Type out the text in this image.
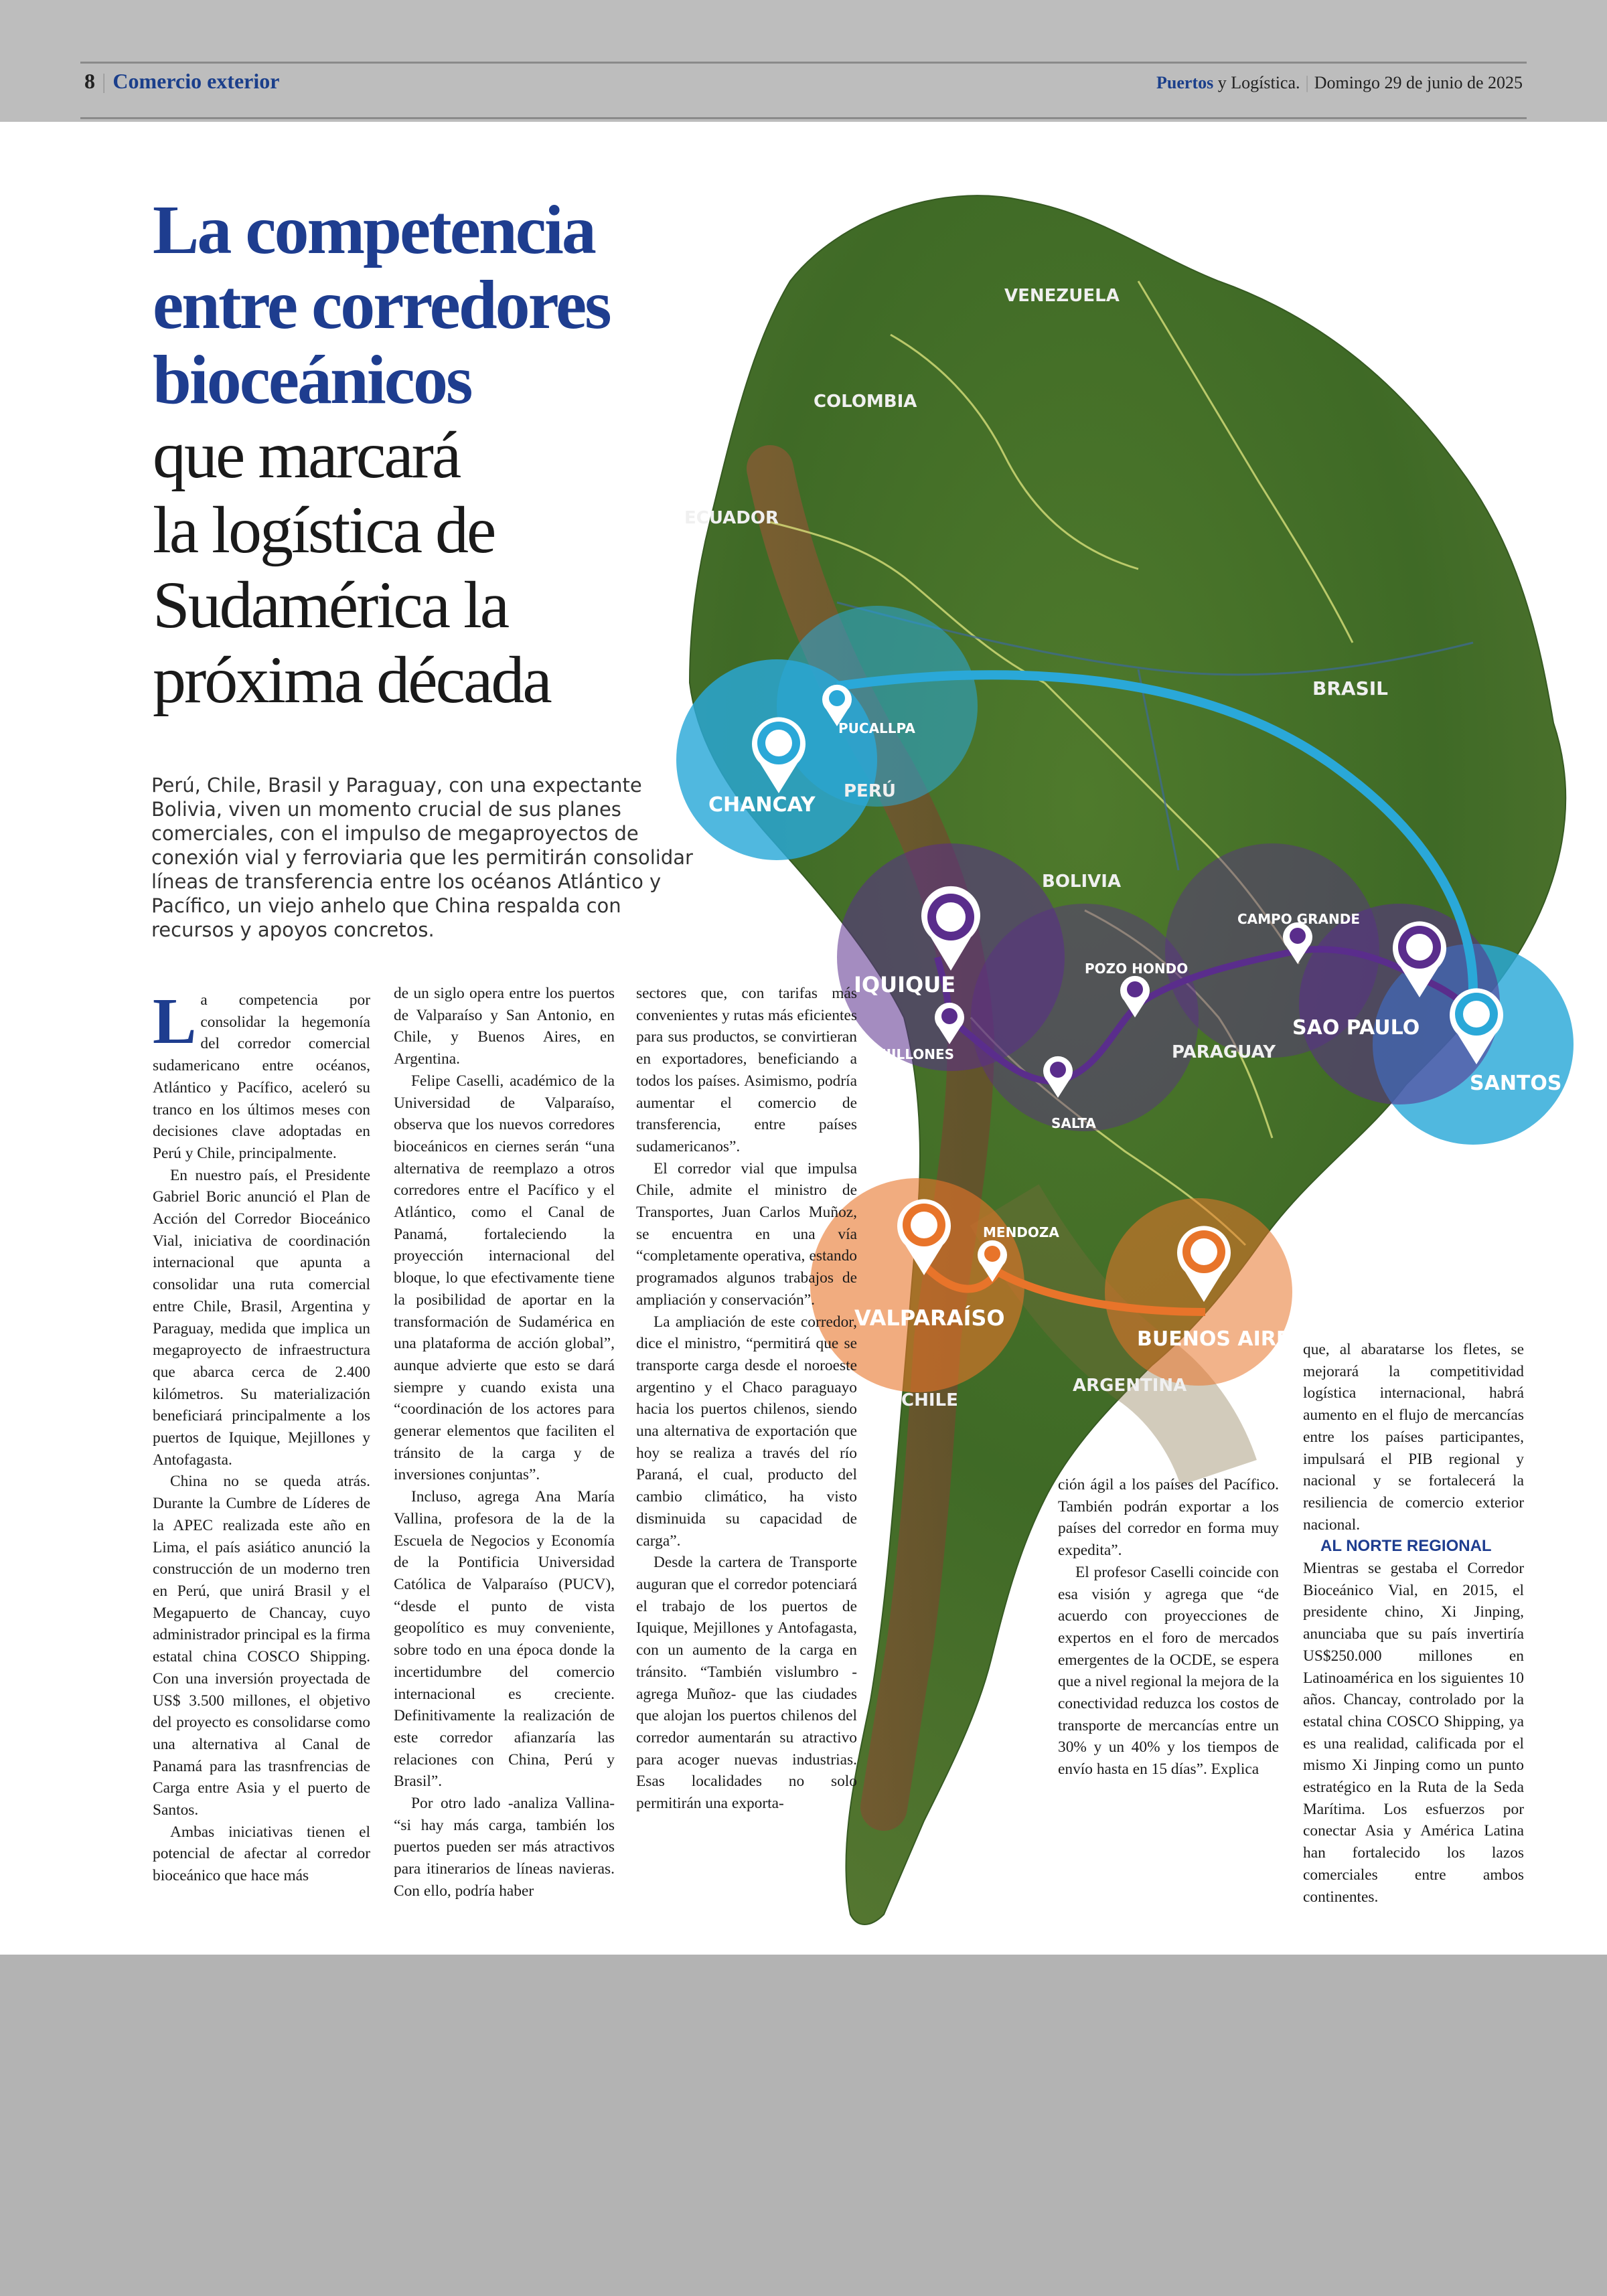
8 | Comercio exterior	Puertos y Logística. | Domingo 29 de junio de 2025
VENEZUELA
COLOMBIA
ECUADOR
BRASIL
PERÚ
BOLIVIA
PARAGUAY
ARGENTINA
CHILE
CHANCAY
PUCALLPA
IQUIQUE
MEJILLONES
POZO HONDO
CAMPO GRANDE
SALTA
SAO PAULO
SANTOS
MENDOZA
VALPARAÍSO
BUENOS AIRES
La competencia
entre corredores
bioceánicos
que marcará
la logística de
Sudamérica la
próxima década
Perú, Chile, Brasil y Paraguay, con una expectante Bolivia, viven un momento crucial de sus planes comerciales, con el impulso de megaproyectos de conexión vial y ferroviaria que les permitirán consolidar líneas de transferencia entre los océanos Atlántico y Pacífico, un viejo anhelo que China respalda con recursos y apoyos concretos.

La competencia por consolidar la hegemonía del corredor comercial sudamericano entre océanos, Atlántico y Pacífico, aceleró su tranco en los últimos meses con decisiones clave adoptadas en Perú y Chile, principalmente.

En nuestro país, el Presidente Gabriel Boric anunció el Plan de Acción del Corredor Bioceánico Vial, iniciativa de coordinación internacional que apunta a consolidar una ruta comercial entre Chile, Brasil, Argentina y Paraguay, medida que implica un megaproyecto de infraestructura que abarca cerca de 2.400 kilómetros. Su materialización beneficiará principalmente a los puertos de Iquique, Mejillones y Antofagasta.

China no se queda atrás. Durante la Cumbre de Líderes de la APEC realizada este año en Lima, el país asiático anunció la construcción de un moderno tren en Perú, que unirá Brasil y el Megapuerto de Chancay, cuyo administrador principal es la firma estatal china COSCO Shipping. Con una inversión proyectada de US$ 3.500 millones, el objetivo del proyecto es consolidarse como una alternativa al Canal de Panamá para las trasnfrencias de Carga entre Asia y el puerto de Santos.

Ambas iniciativas tienen el potencial de afectar al corredor bioceánico que hace más

de un siglo opera entre los puertos de Valparaíso y San Antonio, en Chile, y Buenos Aires, en Argentina.

Felipe Caselli, académico de la Universidad de Valparaíso, observa que los nuevos corredores bioceánicos en ciernes serán “una alternativa de reemplazo a otros corredores entre el Pacífico y el Atlántico, como el Canal de Panamá, fortaleciendo la proyección internacional del bloque, lo que efectivamente tiene la posibilidad de aportar en la transformación de Sudamérica en una plataforma de acción global”, aunque advierte que esto se dará siempre y cuando exista una “coordinación de los actores para generar elementos que faciliten el tránsito de la carga y de inversiones conjuntas”.

Incluso, agrega Ana María Vallina, profesora de la de la Escuela de Negocios y Economía de la Pontificia Universidad Católica de Valparaíso (PUCV), “desde el punto de vista geopolítico es muy conveniente, sobre todo en una época donde la incertidumbre del comercio internacional es creciente. Definitivamente la realización de este corredor afianzaría las relaciones con China, Perú y Brasil”.

Por otro lado -analiza Vallina- “si hay más carga, también los puertos pueden ser más atractivos para itinerarios de líneas navieras. Con ello, podría haber

sectores que, con tarifas más convenientes y rutas más eficientes para sus productos, se convirtieran en exportadores, beneficiando a todos los países. Asimismo, podría aumentar el comercio de transferencia, entre países sudamericanos”.

El corredor vial que impulsa Chile, admite el ministro de Transportes, Juan Carlos Muñoz, se encuentra en una vía “completamente operativa, estando programados algunos trabajos de ampliación y conservación”.

La ampliación de este corredor, dice el ministro, “permitirá que se transporte carga desde el noroeste argentino y el Chaco paraguayo hacia los puertos chilenos, siendo una alternativa de exportación que hoy se realiza a través del río Paraná, el cual, producto del cambio climático, ha visto disminuida su capacidad de carga”.

Desde la cartera de Transporte auguran que el corredor potenciará el trabajo de los puertos de Iquique, Mejillones y Antofagasta, con un aumento de la carga en tránsito. “También vislumbro -agrega Muñoz- que las ciudades que alojan los puertos chilenos del corredor aumentarán su atractivo para acoger nuevas industrias. Esas localidades no solo permitirán una exporta-

ción ágil a los países del Pacífico. También podrán exportar a los países del corredor en forma muy expedita”.

El profesor Caselli coincide con esa visión y agrega que “de acuerdo con proyecciones de expertos en el foro de mercados emergentes de la OCDE, se espera que a nivel regional la mejora de la conectividad reduzca los costos de transporte de mercancías entre un 30% y un 40% y los tiempos de envío hasta en 15 días”. Explica

que, al abaratarse los fletes, se mejorará la competitividad logística internacional, habrá aumento en el flujo de mercancías entre los países participantes, impulsará el PIB regional y nacional y se fortalecerá la resiliencia de comercio exterior nacional.

AL NORTE REGIONAL

Mientras se gestaba el Corredor Bioceánico Vial, en 2015, el presidente chino, Xi Jinping, anunciaba que su país invertiría US$250.000 millones en Latinoamérica en los siguientes 10 años. Chancay, controlado por la estatal china COSCO Shipping, ya es una realidad, calificada por el mismo Xi Jinping como un punto estratégico en la Ruta de la Seda Marítima. Los esfuerzos por conectar Asia y América Latina han fortalecido los lazos comerciales entre ambos continentes.
